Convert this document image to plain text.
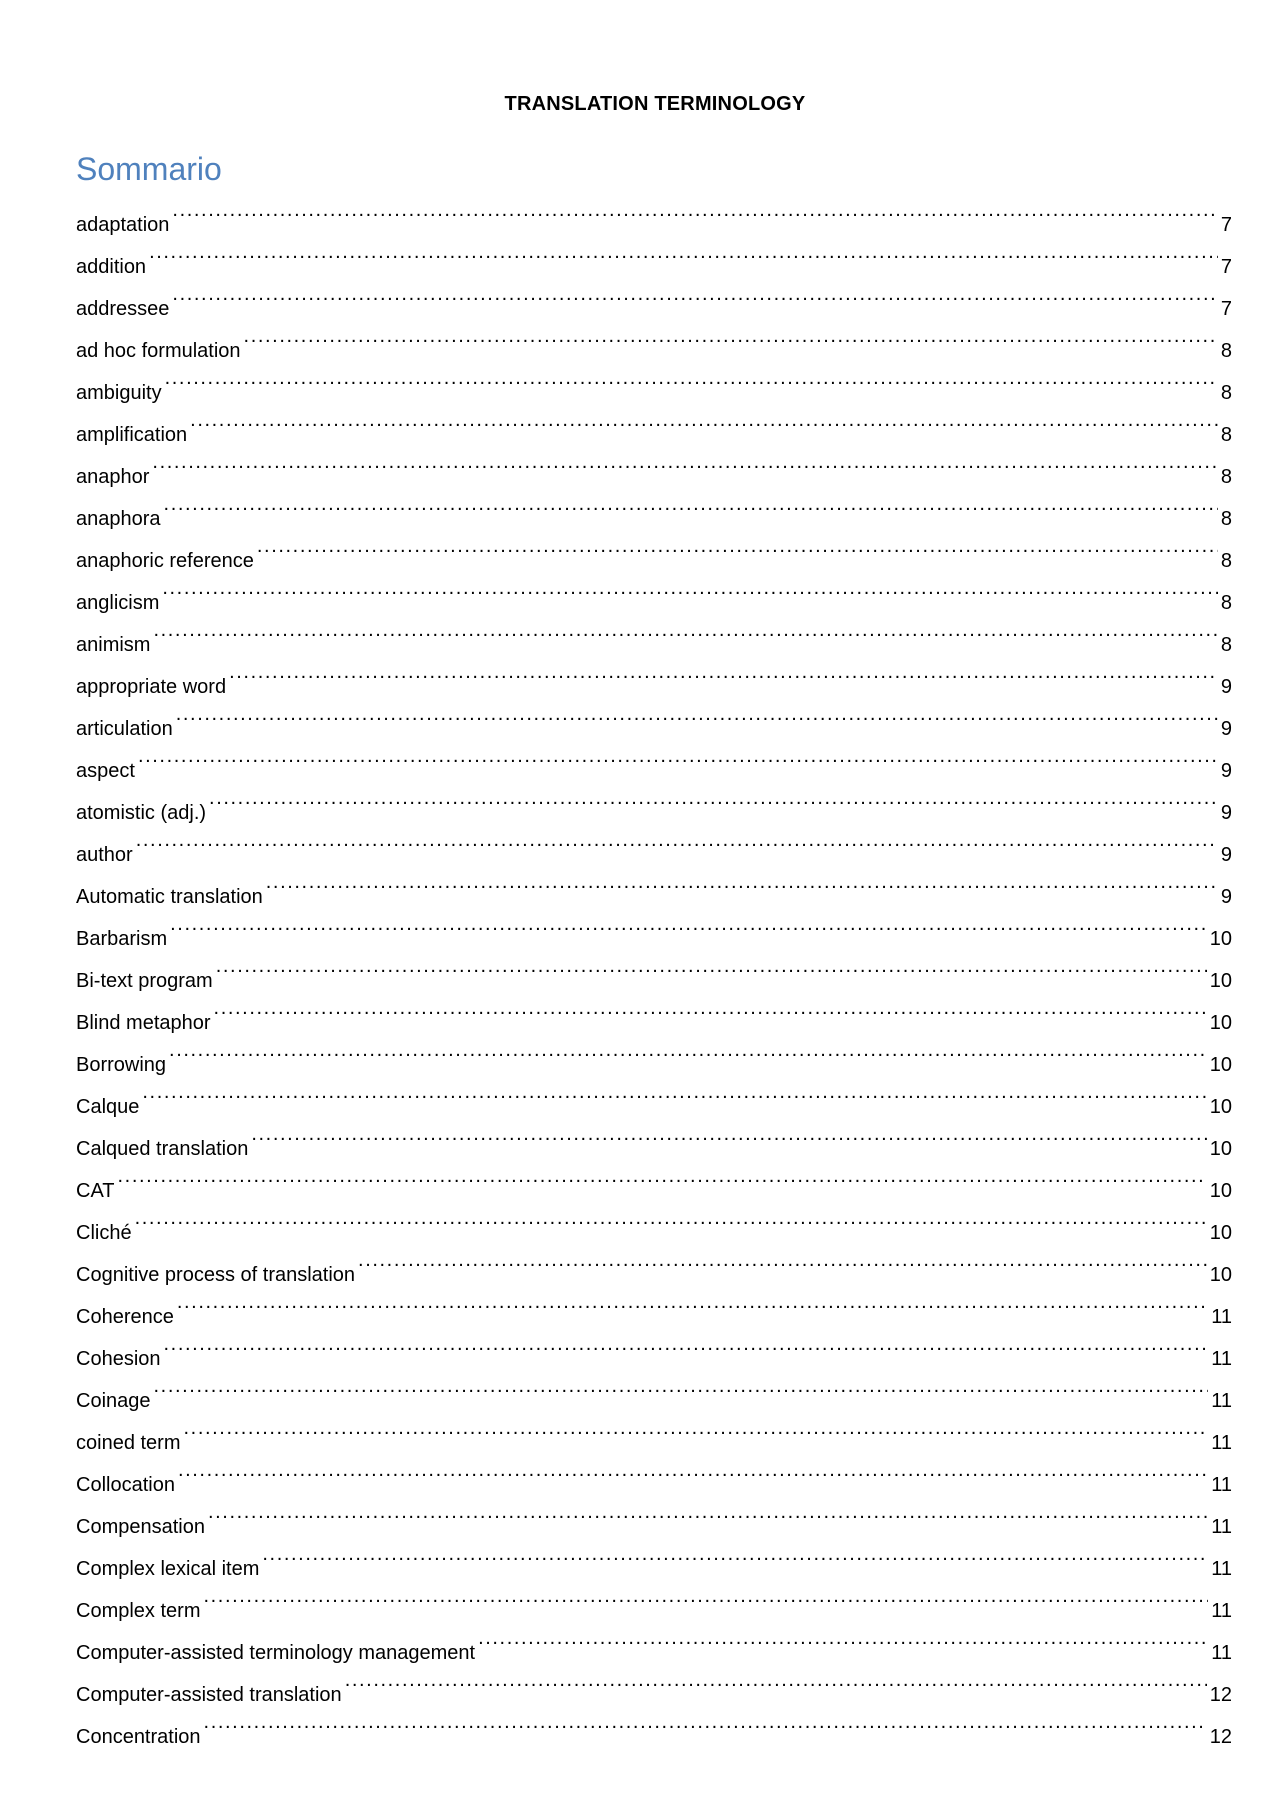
TRANSLATION TERMINOLOGY
Sommario
adaptation .....	7
addition .....	7
addressee .....	7
ad hoc formulation .....	8
ambiguity .....	8
amplification .....	8
anaphor .....	8
anaphora .....	8
anaphoric reference .....	8
anglicism .....	8
animism .....	8
appropriate word .....	9
articulation .....	9
aspect .....	9
atomistic (adj.) .....	9
author .....	9
Automatic translation .....	9
Barbarism .....	10
Bi-text program .....	10
Blind metaphor .....	10
Borrowing .....	10
Calque .....	10
Calqued translation .....	10
CAT .....	10
Cliché .....	10
Cognitive process of translation .....	10
Coherence .....	11
Cohesion .....	11
Coinage .....	11
coined term .....	11
Collocation .....	11
Compensation .....	11
Complex lexical item .....	11
Complex term .....	11
Computer-assisted terminology management .....	11
Computer-assisted translation .....	12
Concentration .....	12
